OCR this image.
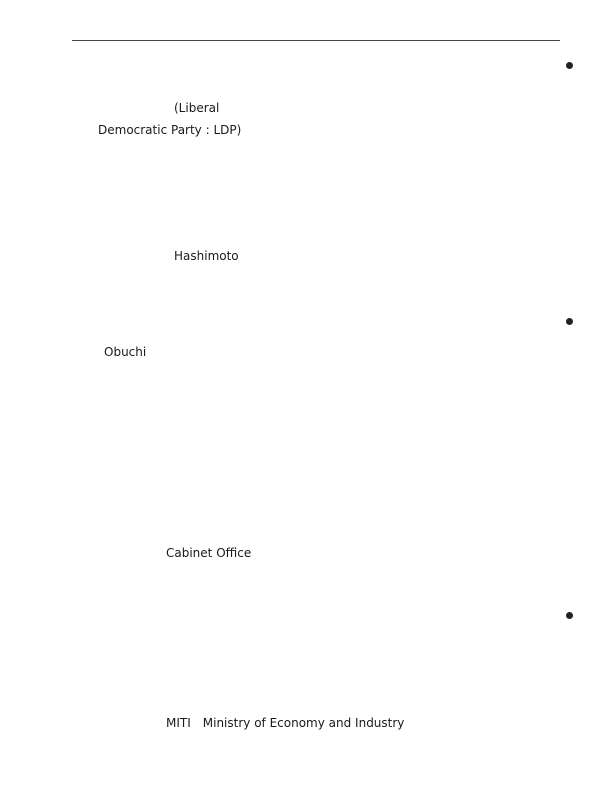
(Liberal
Democratic Party : LDP)
Hashimoto
Obuchi
Cabinet Office
MITI Ministry of Economy and Industry
